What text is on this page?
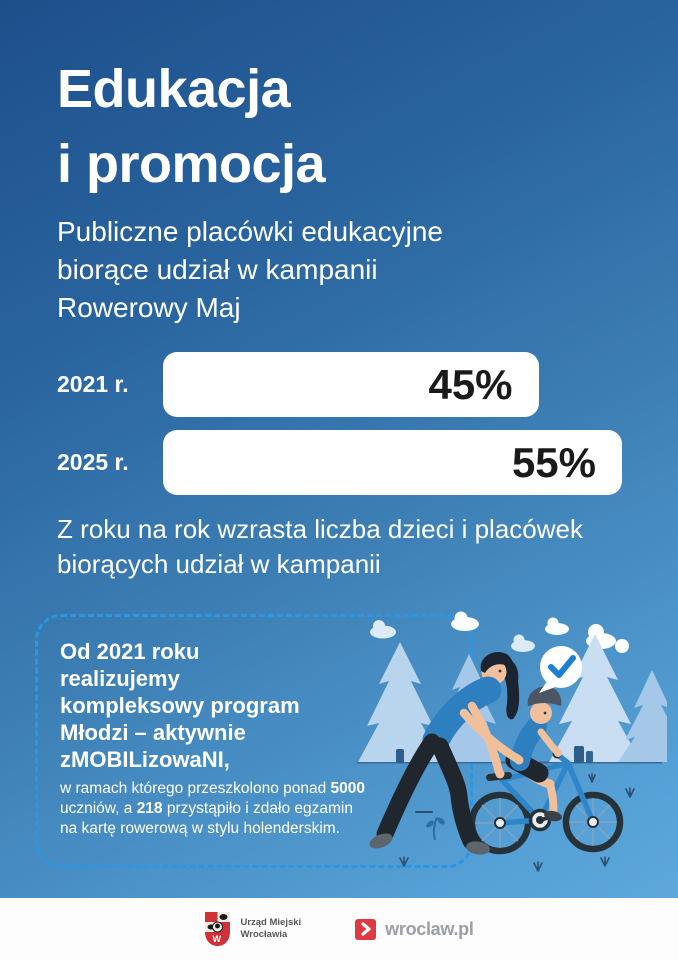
Edukacja
i promocja
Publiczne placówki edukacyjne
biorące udział w kampanii
Rowerowy Maj
2021 r.	45%
2025 r.	55%
Z roku na rok wzrasta liczba dzieci i placówek
biorących udział w kampanii
Od 2021 roku
realizujemy
kompleksowy program
Młodzi – aktywnie
zMOBILizowaNI,
w ramach którego przeszkolono ponad 5000 uczniów, a 218 przystąpiło i zdało egzamin na kartę rowerową w stylu holenderskim.
W
Urząd Miejski
Wrocławia	wroclaw.pl
